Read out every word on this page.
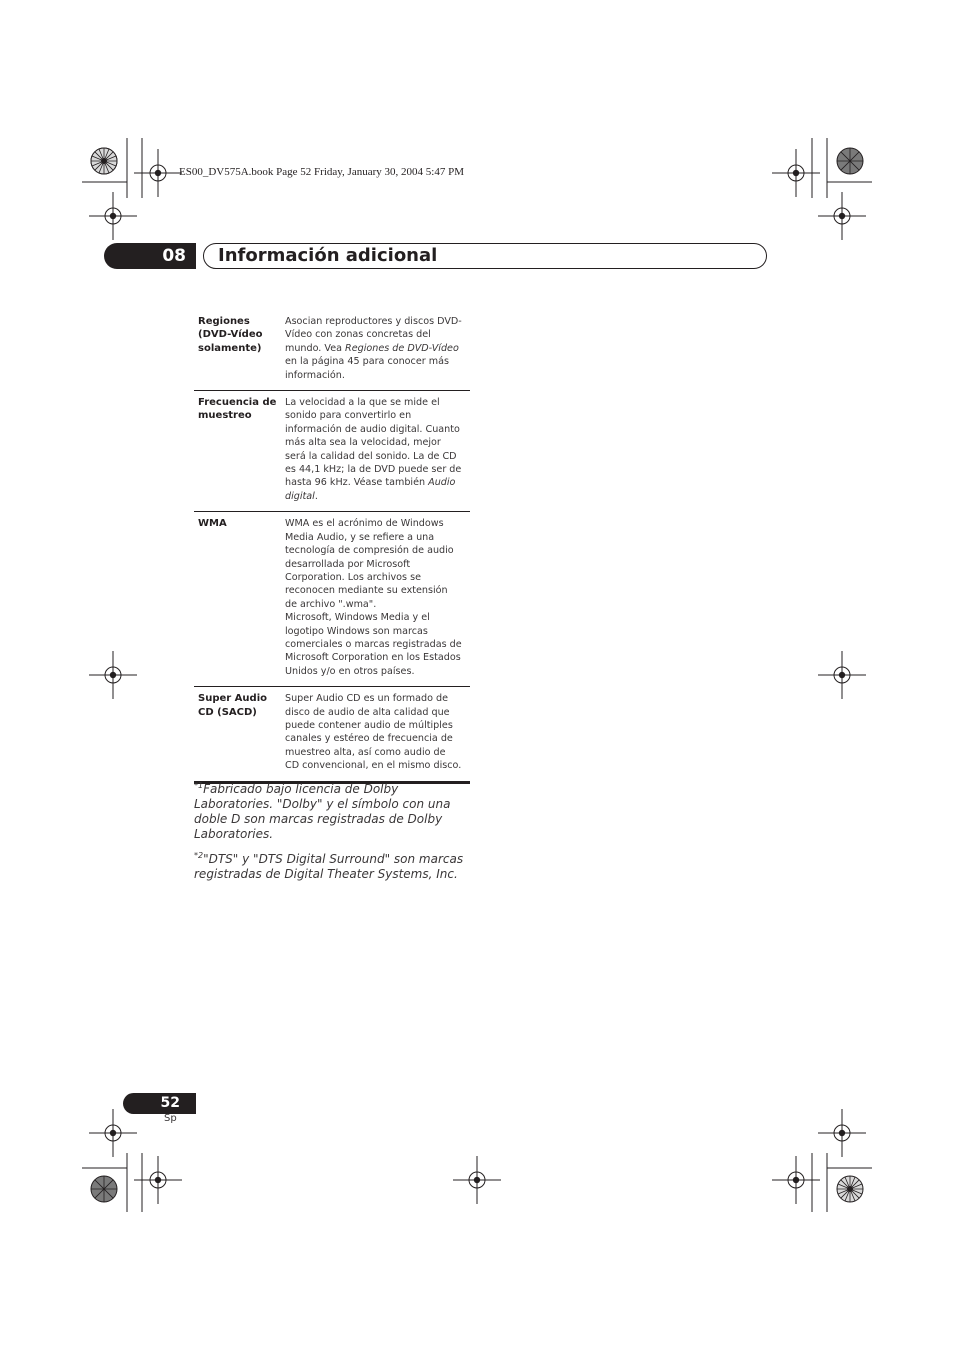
ES00_DV575A.book Page 52 Friday, January 30, 2004 5:47 PM
08 Información adicional
Regiones (DVD-Vídeo solamente)
Asocian reproductores y discos DVD-Vídeo con zonas concretas del mundo. Vea Regiones de DVD-Vídeo en la página 45 para conocer más información.
Frecuencia de muestreo
La velocidad a la que se mide el sonido para convertirlo en información de audio digital. Cuanto más alta sea la velocidad, mejor será la calidad del sonido. La de CD es 44,1 kHz; la de DVD puede ser de hasta 96 kHz. Véase también Audio digital.
WMA	WMA es el acrónimo de Windows Media Audio, y se refiere a una tecnología de compresión de audio desarrollada por Microsoft Corporation. Los archivos se reconocen mediante su extensión de archivo ".wma".
Microsoft, Windows Media y el logotipo Windows son marcas comerciales o marcas registradas de Microsoft Corporation en los Estados Unidos y/o en otros países.
Super Audio CD (SACD)
Super Audio CD es un formado de disco de audio de alta calidad que puede contener audio de múltiples canales y estéreo de frecuencia de muestreo alta, así como audio de CD convencional, en el mismo disco.

$^{*1}$Fabricado bajo licencia de Dolby Laboratories. "Dolby" y el símbolo con una doble D son marcas registradas de Dolby Laboratories.

$^{*2}$"DTS" y "DTS Digital Surround" son marcas registradas de Digital Theater Systems, Inc.

52
Sp
